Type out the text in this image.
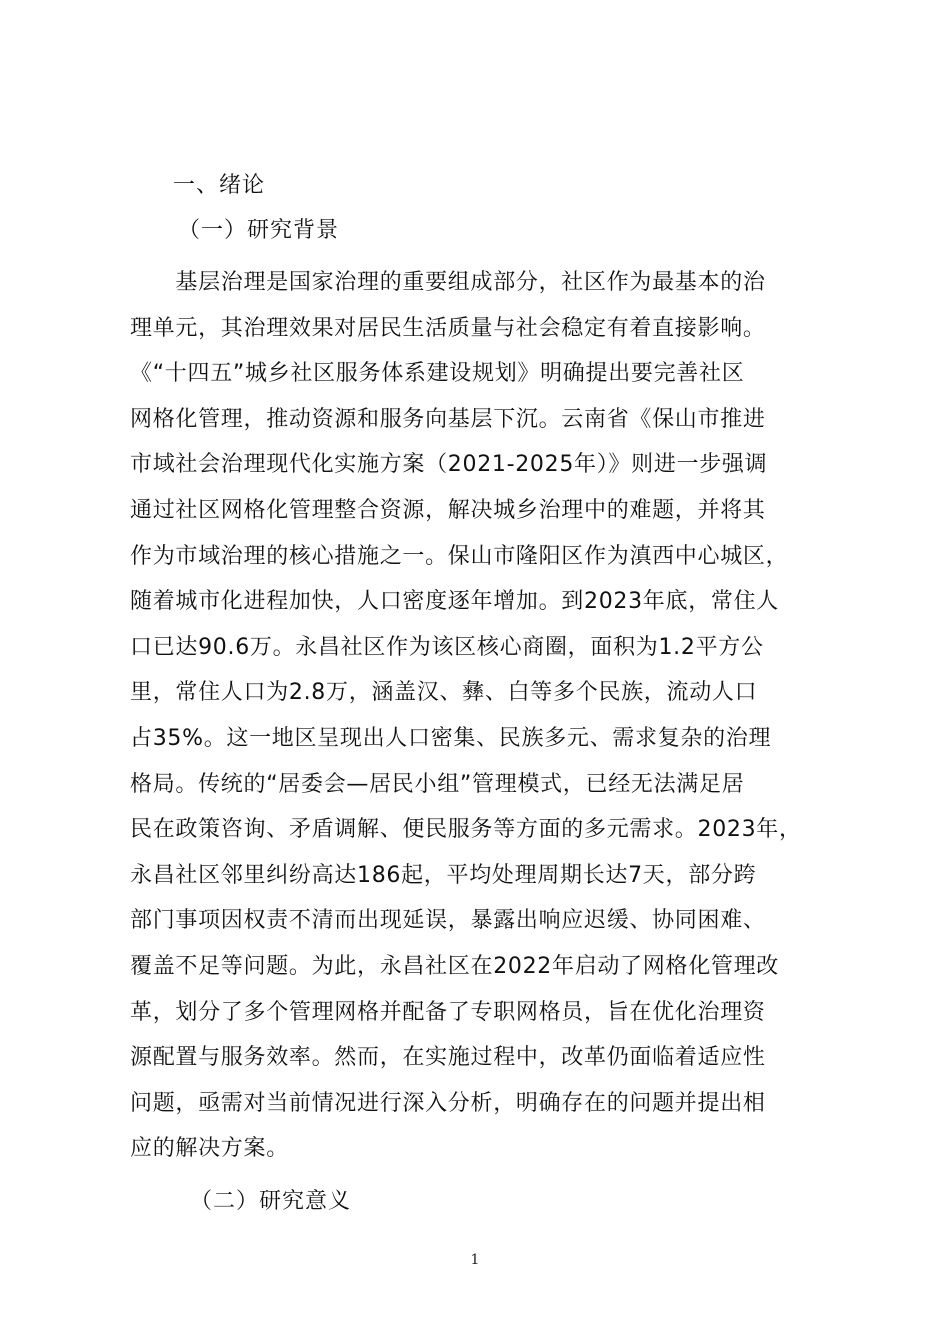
一、绪论
（一）研究背景
　　基层治理是国家治理的重要组成部分，社区作为最基本的治
理单元，其治理效果对居民生活质量与社会稳定有着直接影响。
《“十四五”城乡社区服务体系建设规划》明确提出要完善社区
网格化管理，推动资源和服务向基层下沉。云南省《保山市推进
市域社会治理现代化实施方案（2021-2025年）》则进一步强调
通过社区网格化管理整合资源，解决城乡治理中的难题，并将其
作为市域治理的核心措施之一。保山市隆阳区作为滇西中心城区，
随着城市化进程加快，人口密度逐年增加。到2023年底，常住人
口已达90.6万。永昌社区作为该区核心商圈，面积为1.2平方公
里，常住人口为2.8万，涵盖汉、彝、白等多个民族，流动人口
占35%。这一地区呈现出人口密集、民族多元、需求复杂的治理
格局。传统的“居委会—居民小组”管理模式，已经无法满足居
民在政策咨询、矛盾调解、便民服务等方面的多元需求。2023年，
永昌社区邻里纠纷高达186起，平均处理周期长达7天，部分跨
部门事项因权责不清而出现延误，暴露出响应迟缓、协同困难、
覆盖不足等问题。为此，永昌社区在2022年启动了网格化管理改
革，划分了多个管理网格并配备了专职网格员，旨在优化治理资
源配置与服务效率。然而，在实施过程中，改革仍面临着适应性
问题，亟需对当前情况进行深入分析，明确存在的问题并提出相
应的解决方案。
（二）研究意义
1
